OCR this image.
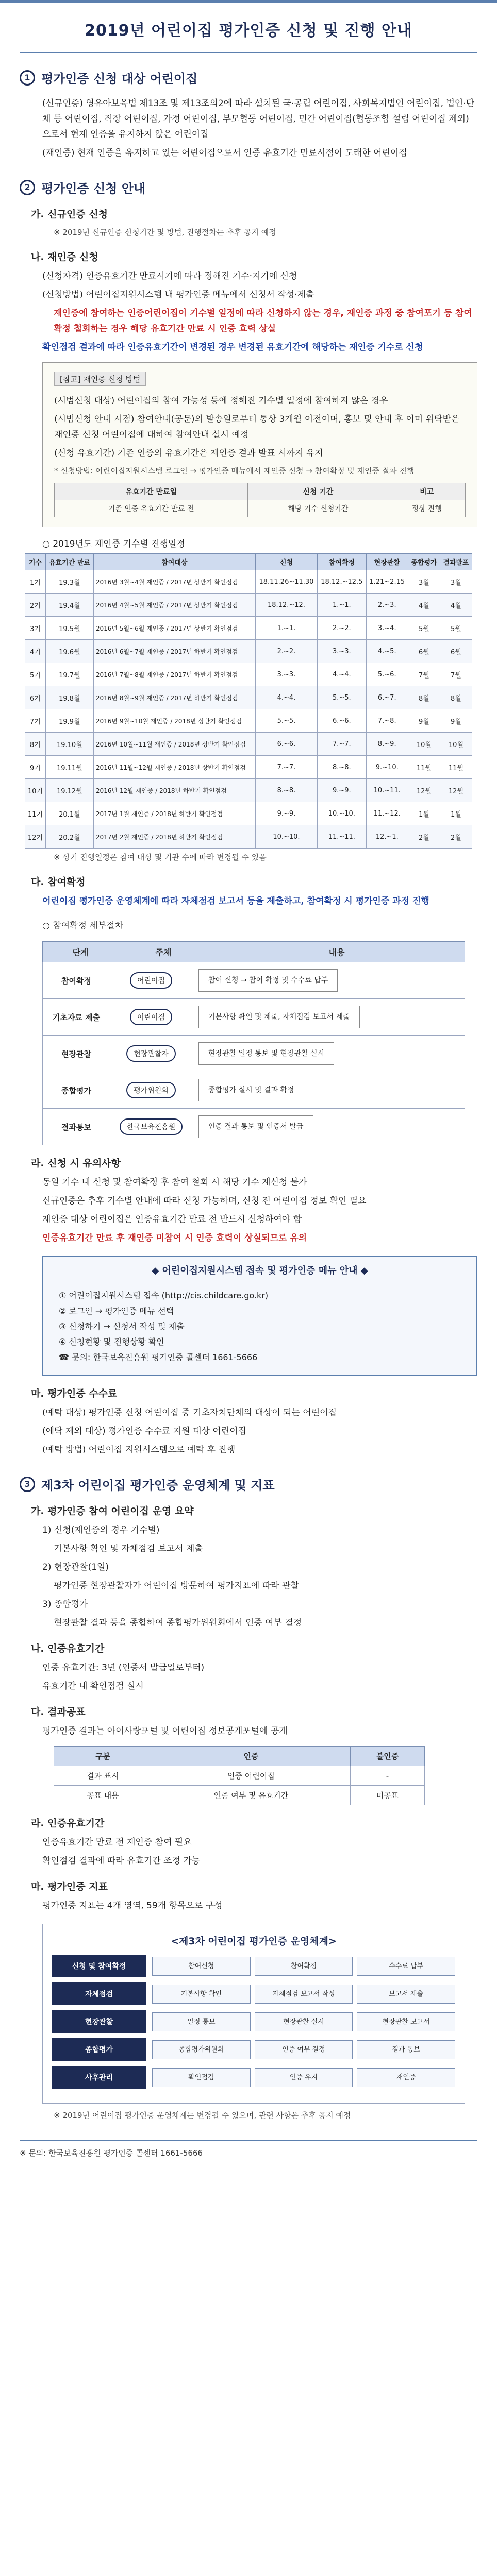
2019년 어린이집 평가인증 신청 및 진행 안내
1 평가인증 신청 대상 어린이집
(신규인증) 영유아보육법 제13조 및 제13조의2에 따라 설치된 국·공립 어린이집, 사회복지법인 어린이집, 법인·단체 등 어린이집, 직장 어린이집, 가정 어린이집, 부모협동 어린이집, 민간 어린이집(협동조합 설립 어린이집 제외)으로서 현재 인증을 유지하지 않은 어린이집
(재인증) 현재 인증을 유지하고 있는 어린이집으로서 인증 유효기간 만료시점이 도래한 어린이집
2 평가인증 신청 안내
가. 신규인증 신청
※ 2019년 신규인증 신청기간 및 방법, 진행절차는 추후 공지 예정
나. 재인증 신청
(신청자격) 인증유효기간 만료시기에 따라 정해진 기수·지기에 신청
(신청방법) 어린이집지원시스템 내 평가인증 메뉴에서 신청서 작성·제출
재인증에 참여하는 인증어린이집이 기수별 일정에 따라 신청하지 않는 경우, 재인증 과정 중 참여포기 등 참여확정 철회하는 경우 해당 유효기간 만료 시 인증 효력 상실
확인점검 결과에 따라 인증유효기간이 변경된 경우 변경된 유효기간에 해당하는 재인증 기수로 신청
[참고] 재인증 신청 방법
(시범신청 대상) 어린이집의 참여 가능성 등에 정해진 기수별 일정에 참여하지 않은 경우
(시범신청 안내 시점) 참여안내(공문)의 발송일로부터 통상 3개월 이전이며, 홍보 및 안내 후 이미 위탁받은 재인증 신청 어린이집에 대하여 참여안내 실시 예정
(신청 유효기간) 기존 인증의 유효기간은 재인증 결과 발표 시까지 유지
* 신청방법: 어린이집지원시스템 로그인 → 평가인증 메뉴에서 재인증 신청 → 참여확정 및 재인증 절차 진행
유효기간 만료일	신청 기간	비고
기존 인증 유효기간 만료 전	해당 기수 신청기간	정상 진행
○ 2019년도 재인증 기수별 진행일정
기수	유효기간 만료	참여대상	신청	참여확정	현장관찰	종합평가	결과발표
1기	19.3월	2016년 3월~4월 재인증 / 2017년 상반기 확인점검	18.11.26~11.30	18.12.~12.5	1.21~2.15	3월	3월
2기	19.4월	2016년 4월~5월 재인증 / 2017년 상반기 확인점검	18.12.~12.	1.~1.	2.~3.	4월	4월
3기	19.5월	2016년 5월~6월 재인증 / 2017년 상반기 확인점검	1.~1.	2.~2.	3.~4.	5월	5월
4기	19.6월	2016년 6월~7월 재인증 / 2017년 하반기 확인점검	2.~2.	3.~3.	4.~5.	6월	6월
5기	19.7월	2016년 7월~8월 재인증 / 2017년 하반기 확인점검	3.~3.	4.~4.	5.~6.	7월	7월
6기	19.8월	2016년 8월~9월 재인증 / 2017년 하반기 확인점검	4.~4.	5.~5.	6.~7.	8월	8월
7기	19.9월	2016년 9월~10월 재인증 / 2018년 상반기 확인점검	5.~5.	6.~6.	7.~8.	9월	9월
8기	19.10월	2016년 10월~11월 재인증 / 2018년 상반기 확인점검	6.~6.	7.~7.	8.~9.	10월	10월
9기	19.11월	2016년 11월~12월 재인증 / 2018년 상반기 확인점검	7.~7.	8.~8.	9.~10.	11월	11월
10기	19.12월	2016년 12월 재인증 / 2018년 하반기 확인점검	8.~8.	9.~9.	10.~11.	12월	12월
11기	20.1월	2017년 1월 재인증 / 2018년 하반기 확인점검	9.~9.	10.~10.	11.~12.	1월	1월
12기	20.2월	2017년 2월 재인증 / 2018년 하반기 확인점검	10.~10.	11.~11.	12.~1.	2월	2월
※ 상기 진행일정은 참여 대상 및 기관 수에 따라 변경될 수 있음
다. 참여확정
어린이집 평가인증 운영체계에 따라 자체점검 보고서 등을 제출하고, 참여확정 시 평가인증 과정 진행
○ 참여확정 세부절차
단계	주체	내용
참여확정	어린이집	참여 신청 → 참여 확정 및 수수료 납부
기초자료 제출	어린이집	기본사항 확인 및 제출, 자체점검 보고서 제출
현장관찰	현장관찰자	현장관찰 일정 통보 및 현장관찰 실시
종합평가	평가위원회	종합평가 실시 및 결과 확정
결과통보	한국보육진흥원	인증 결과 통보 및 인증서 발급
라. 신청 시 유의사항
동일 기수 내 신청 및 참여확정 후 참여 철회 시 해당 기수 재신청 불가
신규인증은 추후 기수별 안내에 따라 신청 가능하며, 신청 전 어린이집 정보 확인 필요
재인증 대상 어린이집은 인증유효기간 만료 전 반드시 신청하여야 함
인증유효기간 만료 후 재인증 미참여 시 인증 효력이 상실되므로 유의
◆ 어린이집지원시스템 접속 및 평가인증 메뉴 안내 ◆
① 어린이집지원시스템 접속 (http://cis.childcare.go.kr)
② 로그인 → 평가인증 메뉴 선택
③ 신청하기 → 신청서 작성 및 제출
④ 신청현황 및 진행상황 확인
☎ 문의: 한국보육진흥원 평가인증 콜센터 1661-5666
마. 평가인증 수수료
(예탁 대상) 평가인증 신청 어린이집 중 기초자치단체의 대상이 되는 어린이집
(예탁 제외 대상) 평가인증 수수료 지원 대상 어린이집
(예탁 방법) 어린이집 지원시스템으로 예탁 후 진행
3 제3차 어린이집 평가인증 운영체계 및 지표
가. 평가인증 참여 어린이집 운영 요약
1) 신청(재인증의 경우 기수별)
기본사항 확인 및 자체점검 보고서 제출
2) 현장관찰(1일)
평가인증 현장관찰자가 어린이집 방문하여 평가지표에 따라 관찰
3) 종합평가
현장관찰 결과 등을 종합하여 종합평가위원회에서 인증 여부 결정
나. 인증유효기간
인증 유효기간: 3년 (인증서 발급일로부터)
유효기간 내 확인점검 실시
다. 결과공표
평가인증 결과는 아이사랑포털 및 어린이집 정보공개포털에 공개
구분	인증	불인증
결과 표시	인증 어린이집	-
공표 내용	인증 여부 및 유효기간	미공표
라. 인증유효기간
인증유효기간 만료 전 재인증 참여 필요
확인점검 결과에 따라 유효기간 조정 가능
마. 평가인증 지표
평가인증 지표는 4개 영역, 59개 항목으로 구성
<제3차 어린이집 평가인증 운영체계>
신청 및 참여확정	참여신청	참여확정	수수료 납부
자체점검	기본사항 확인	자체점검 보고서 작성	보고서 제출
현장관찰	일정 통보	현장관찰 실시	현장관찰 보고서
종합평가	종합평가위원회	인증 여부 결정	결과 통보
사후관리	확인점검	인증 유지	재인증
※ 2019년 어린이집 평가인증 운영체계는 변경될 수 있으며, 관련 사항은 추후 공지 예정
※ 문의: 한국보육진흥원 평가인증 콜센터 1661-5666
